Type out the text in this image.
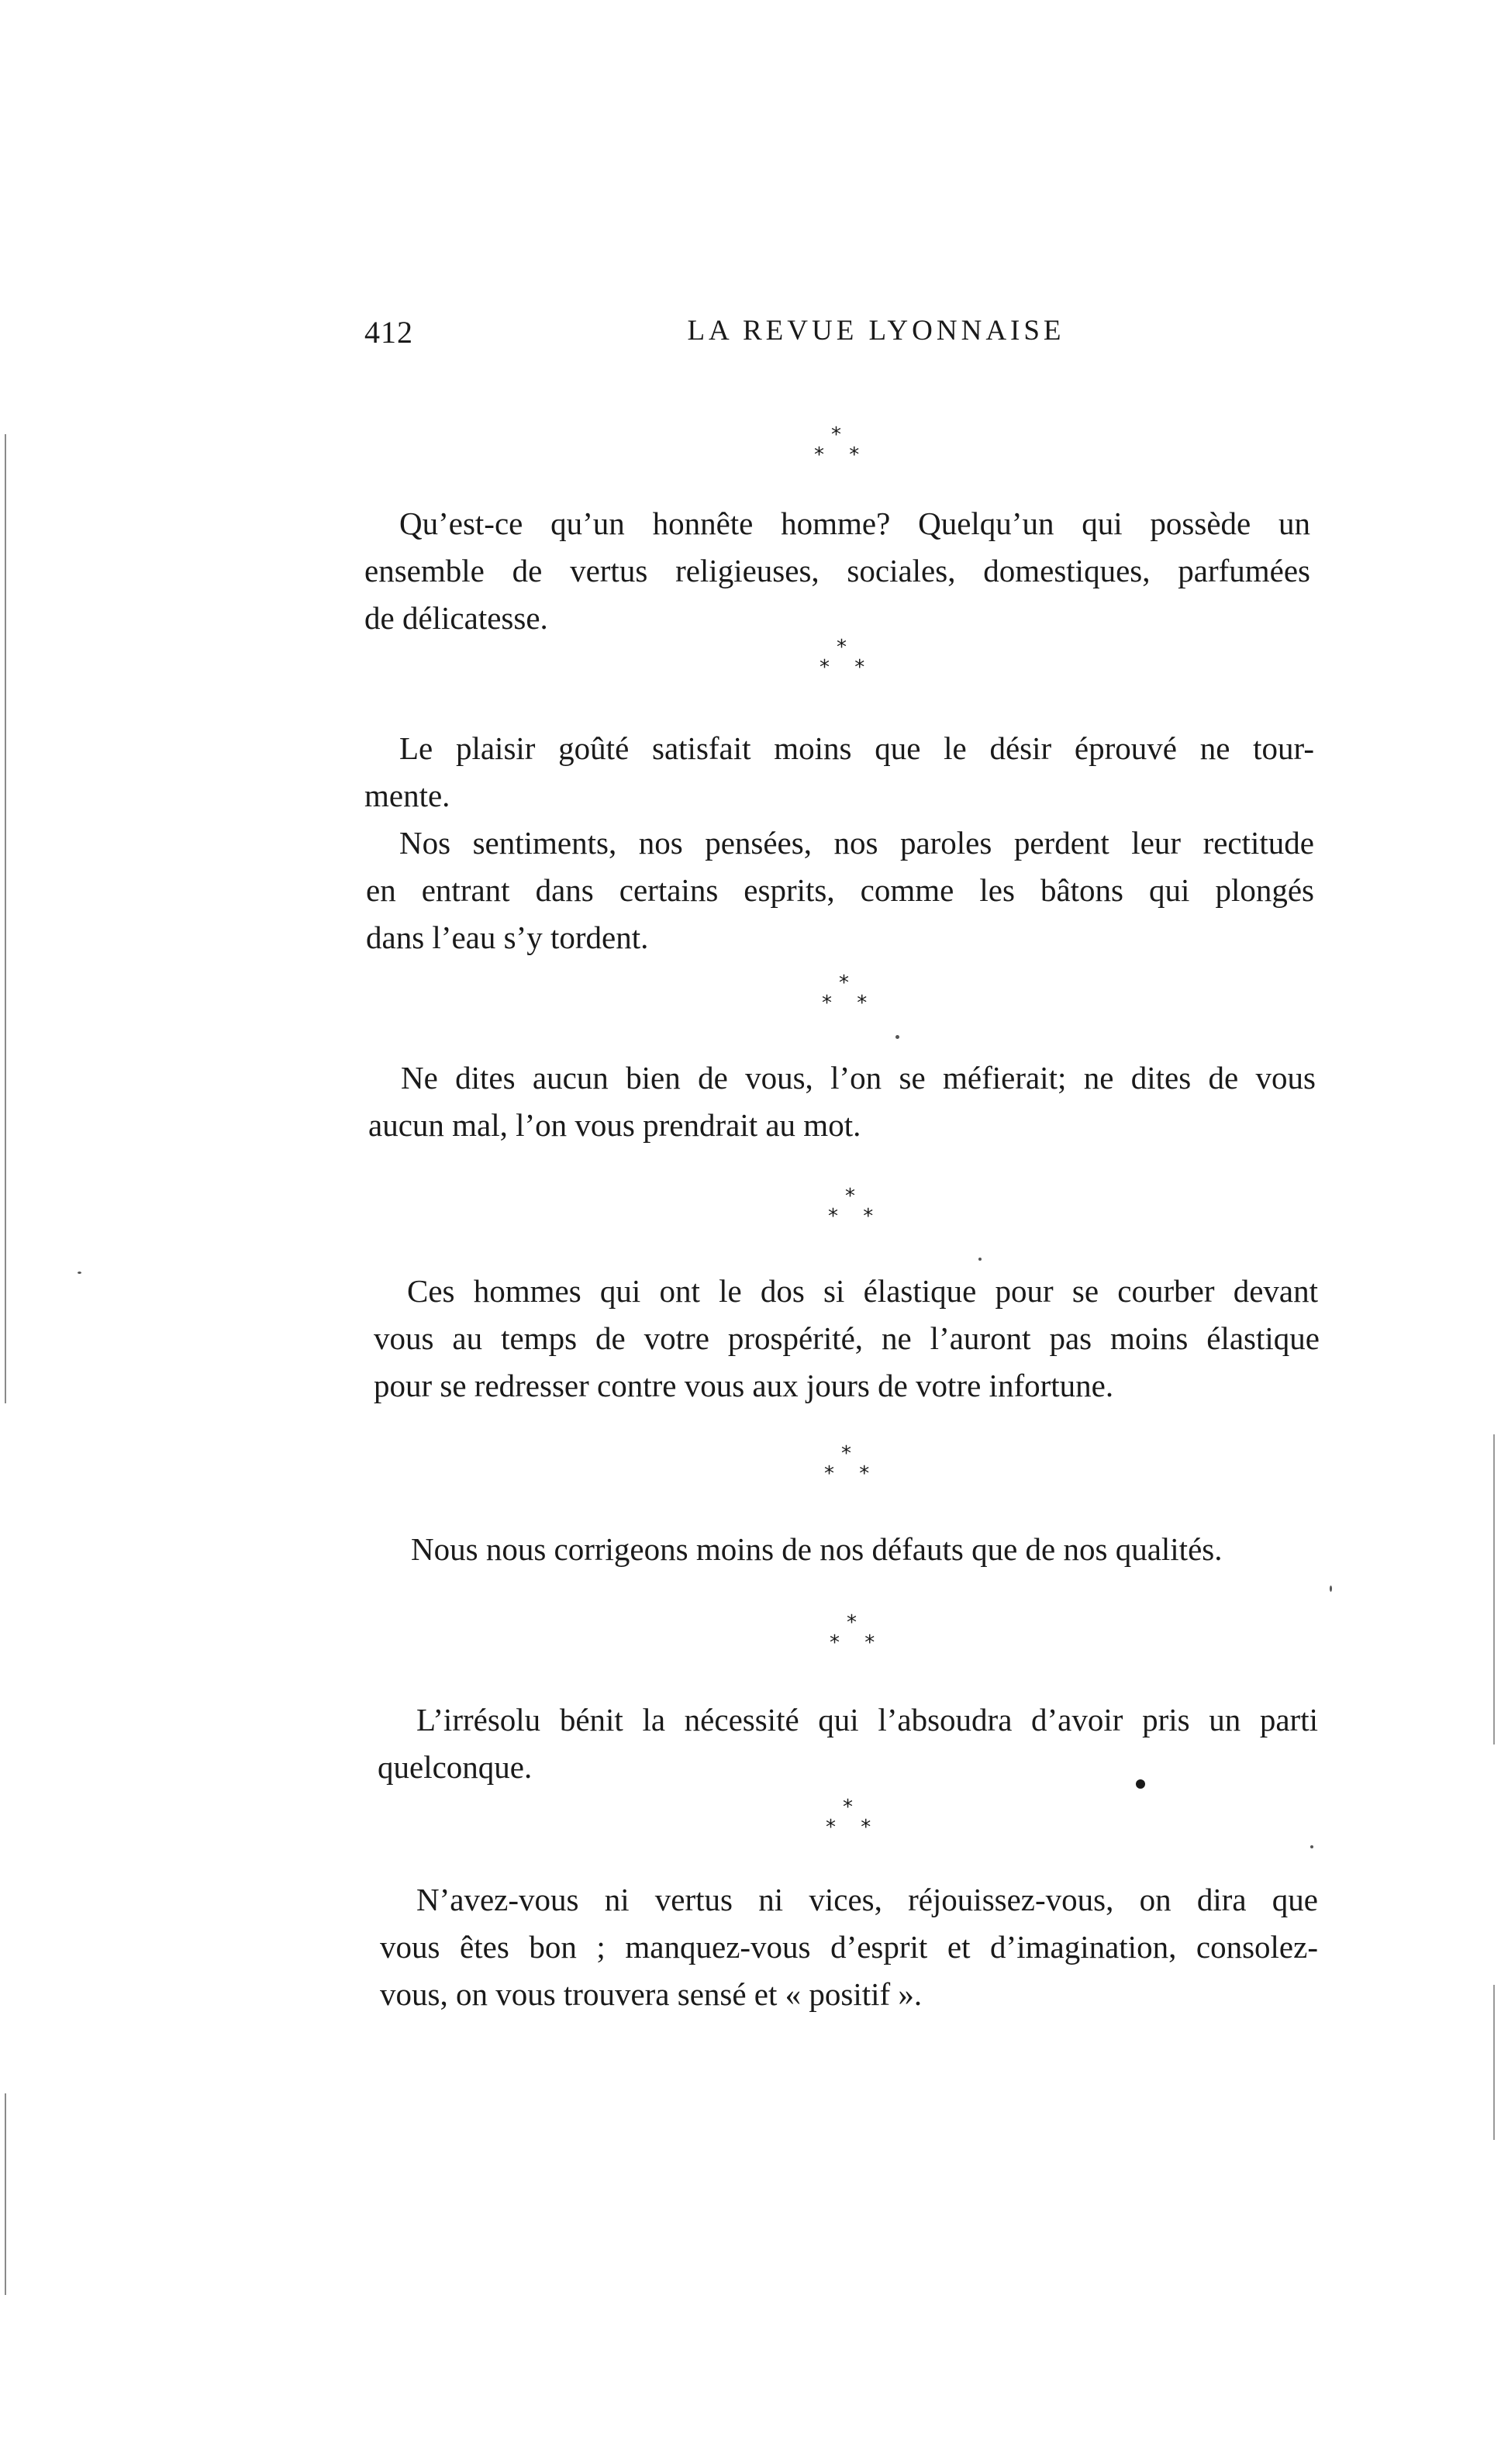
412	LA REVUE LYONNAISE
*
* *
Qu’est-ce qu’un honnête homme? Quelqu’un qui possède un
ensemble de vertus religieuses, sociales, domestiques, parfumées
de délicatesse.
*
* *
Le plaisir goûté satisfait moins que le désir éprouvé ne tour-
mente.
Nos sentiments, nos pensées, nos paroles perdent leur rectitude
en entrant dans certains esprits, comme les bâtons qui plongés
dans l’eau s’y tordent.
*
* *
Ne dites aucun bien de vous, l’on se méfierait; ne dites de vous
aucun mal, l’on vous prendrait au mot.
*
* *
Ces hommes qui ont le dos si élastique pour se courber devant
vous au temps de votre prospérité, ne l’auront pas moins élastique
pour se redresser contre vous aux jours de votre infortune.
*
* *
Nous nous corrigeons moins de nos défauts que de nos qualités.
*
* *
L’irrésolu bénit la nécessité qui l’absoudra d’avoir pris un parti
quelconque.
*
* *
N’avez-vous ni vertus ni vices, réjouissez-vous, on dira que
vous êtes bon ; manquez-vous d’esprit et d’imagination, consolez-
vous, on vous trouvera sensé et « positif ».
